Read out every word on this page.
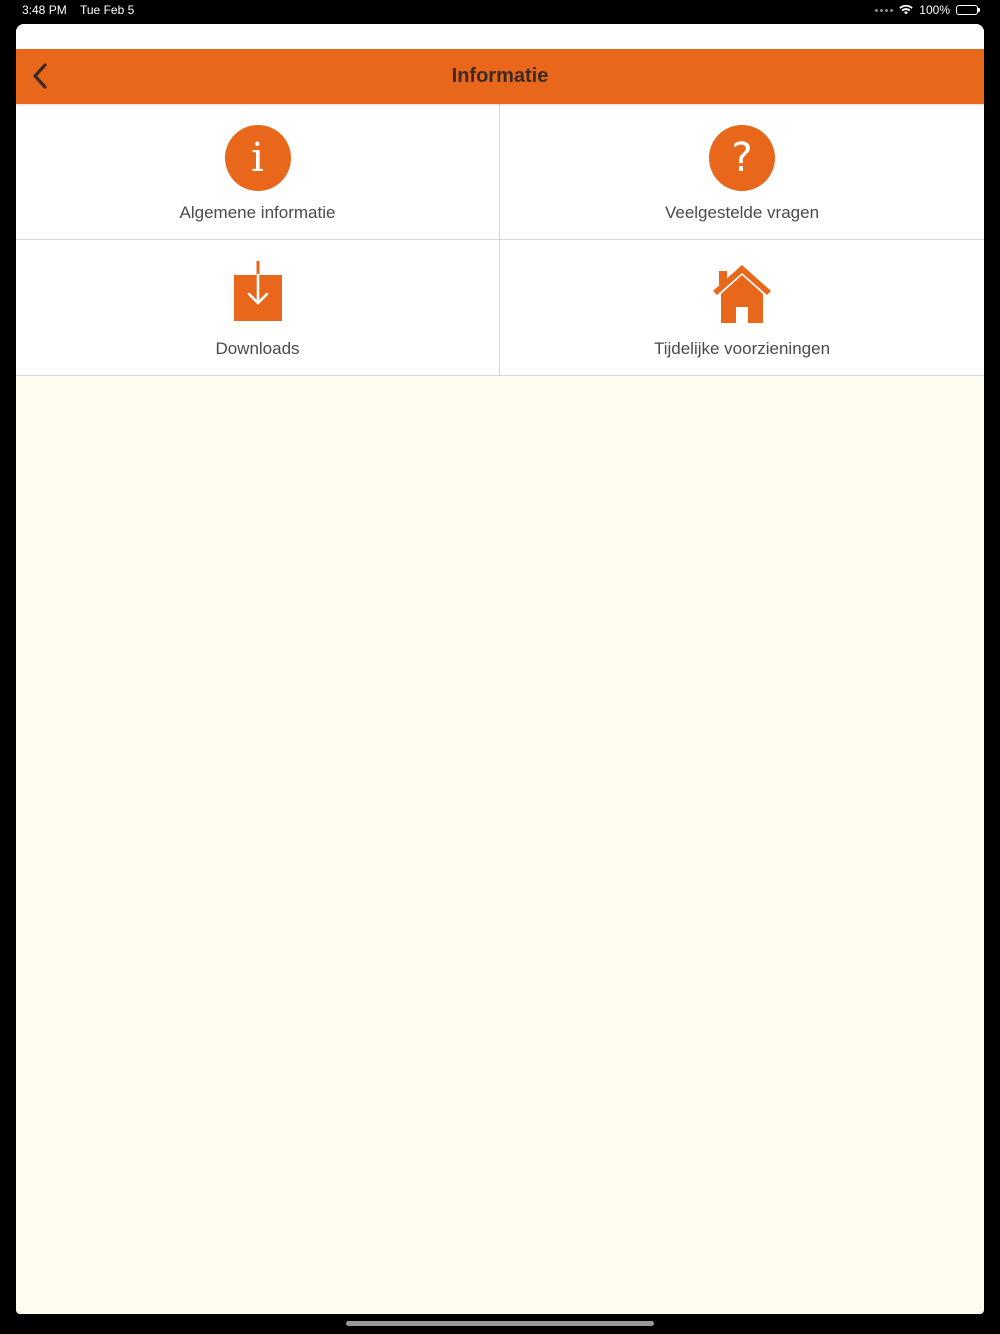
3:48 PM Tue Feb 5	100%
Informatie
i
Algemene informatie
?
Veelgestelde vragen
Downloads	Tijdelijke voorzieningen
